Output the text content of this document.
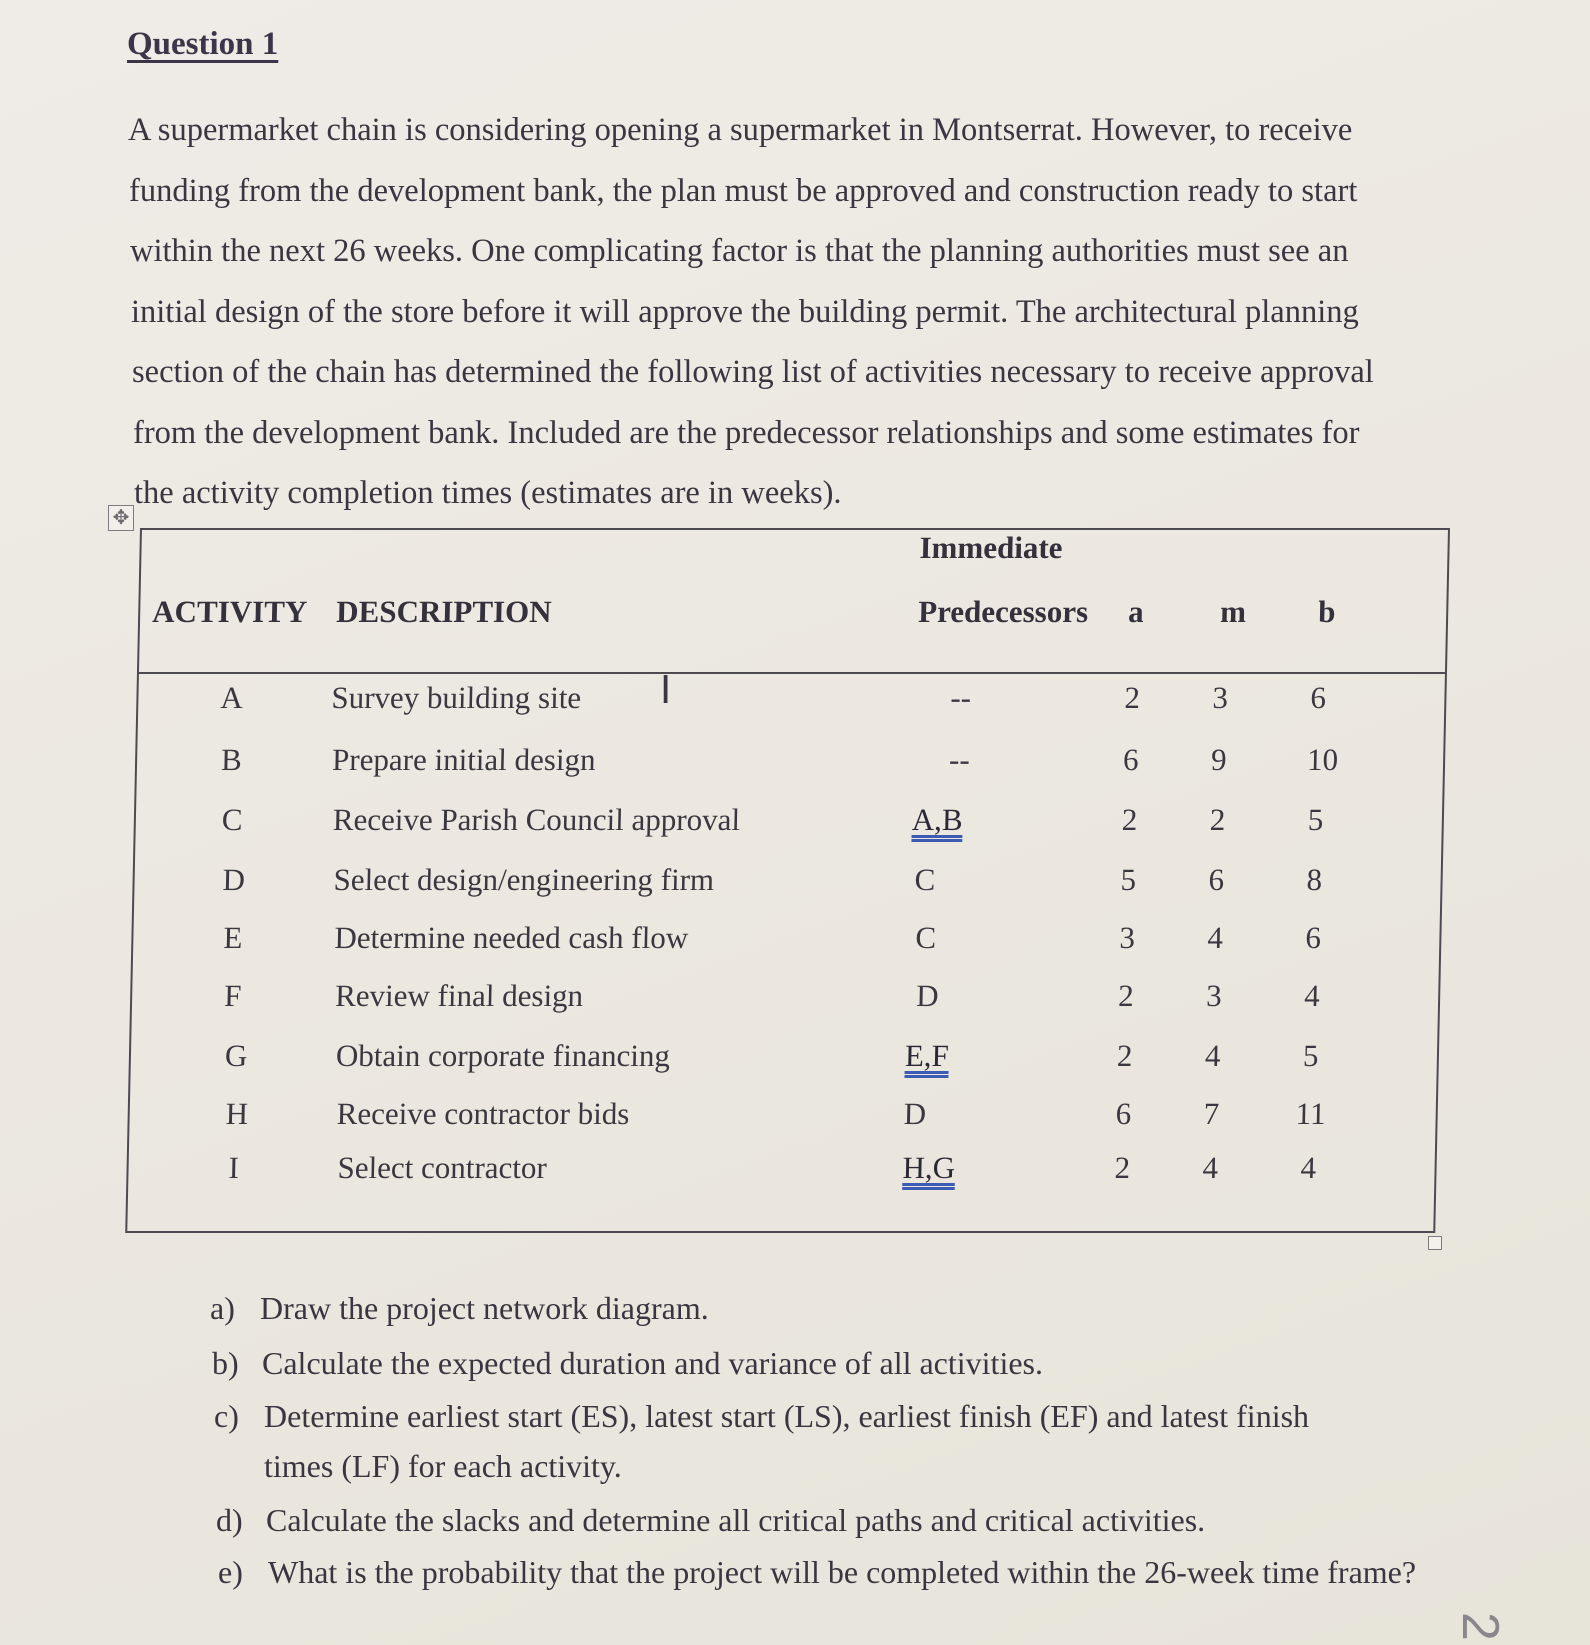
Question 1

A supermarket chain is considering opening a supermarket in Montserrat. However, to receive

funding from the development bank, the plan must be approved and construction ready to start

within the next 26 weeks. One complicating factor is that the planning authorities must see an

initial design of the store before it will approve the building permit. The architectural planning

section of the chain has determined the following list of activities necessary to receive approval

from the development bank. Included are the predecessor relationships and some estimates for

the activity completion times (estimates are in weeks).

✥
ACTIVITY DESCRIPTION
Immediate
Predecessors a m b
A	Survey building site	--	2 3	6
B	Prepare initial design	--	6 9	10
C	Receive Parish Council approval	A,B	2 2	5
D	Select design/engineering firm	C	5 6	8
E	Determine needed cash flow	C	3 4	6
F	Review final design	D	2 3	4
G	Obtain corporate financing	E,F	2 4	5
H	Receive contractor bids	D	6 7 11
I	Select contractor	H,G	2 4	4
I
a) Draw the project network diagram.
b) Calculate the expected duration and variance of all activities.
c) Determine earliest start (ES), latest start (LS), earliest finish (EF) and latest finish
times (LF) for each activity.
d) Calculate the slacks and determine all critical paths and critical activities.
e) What is the probability that the project will be completed within the 26-week time frame?
2
